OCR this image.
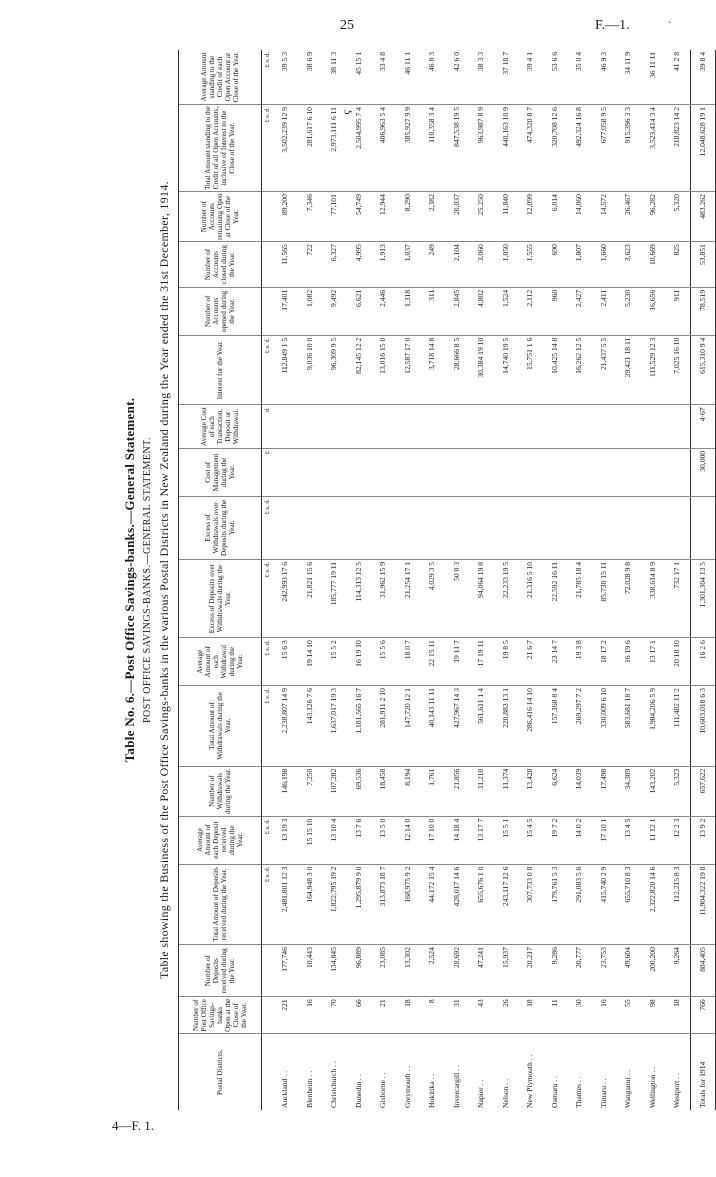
25	F.—1.	·
ç
4—F. 1.
Table No. 6.—Post Office Savings-banks.—General Statement. POST OFFICE SAVINGS-BANKS.—GENERAL STATEMENT. Table showing the Business of the Post Office Savings-banks in the various Postal Districts in New Zealand during the Year ended the 31st December, 1914.
Postal Districts.	Number of Post Office Savings-banks Open at the Close of the Year.	Number of Deposits received during the Year.	Total Amount of Deposits received during the Year.	Average Amount of each Deposit received during the Year.	Number of Withdrawals during the Year.	Total Amount of Withdrawals during the Year.	Average Amount of each Withdrawal during the Year.	Excess of Deposits over Withdrawals during the Year.	Excess of Withdrawals over Deposits during the Year.	Cost of Management during the Year.	Average Cost of each Transaction, Deposit or Withdrawal.	Interest for the Year.	Number of Accounts opened during the Year.	Number of Accounts closed during the Year.	Number of Accounts remaining Open at Close of the Year.	Total Amount standing to the Credit of all Open Accounts, inclusive of Interest to the Close of the Year.	Average Amount standing to the Credit of each Open Account at Close of the Year.
			£ s. d.	£ s. d.		£ s. d.	£ s. d.	£ s. d.	£ s. d.	£	d.	£ s. d.				£ s. d.	£ s. d.
Auckland . .	221	177,746	2,481,801 12 3	13 19 3	146,198	2,238,807 14 9	15 6 3	242,993 17 6				112,849 1 5	17,401	11,565	89,200	3,502,239 12 9	39 5 3
Blenheim . .	16	10,443	164,948 3 0	15 15 10	7,250	143,126 7 6	19 14 10	21,821 15 6				9,036 10 0	1,082	722	7,346	281,617 6 10	38 6 9
Christchurch . .	70	134,845	1,822,795 19 2	13 10 4	107,282	1,637,017 19 3	15 5 2	185,777 19 11				96,309 9 5	9,492	6,327	77,101	2,973,111 6 11	38 11 3
Dunedin . .	66	96,889	1,295,879 9 0	13 7 6	69,536	1,181,565 16 7	16 19 10	114,313 12 5				82,145 12 2	6,621	4,995	54,749	2,504,995 7 4	45 15 1
Gisborne . .	21	23,085	313,873 18 7	13 5 0	18,458	281,911 2 10	15 5 6	31,962 15 9				13,016 15 0	2,446	1,913	12,944	406,963 5 4	33 4 8
Greymouth . .	18	13,302	168,975 9 2	12 14 0	8,194	147,720 12 1	18 0 7	21,254 17 1				12,587 17 0	1,318	1,037	8,290	385,927 9 9	46 11 1
Hokitika . .	8	2,524	44,172 15 4	17 10 0	1,761	40,143 11 11	22 15 11	4,029 3 5				3,718 14 8	311	249	2,382	110,358 3 4	46 8 3
Invercargill . .	31	28,692	428,017 14 6	14 18 4	21,856	427,967 14 3	19 11 7	50 0 3				28,666 8 5	2,845	2,104	20,037	847,538 19 5	42 6 0
Napier . .	43	47,241	655,676 1 0	13 17 7	31,210	561,611 1 4	17 19 11	94,064 19 8				30,384 19 10	4,802	3,060	25,250	963,987 8 9	38 3 3
Nelson . .	26	15,937	243,117 12 6	15 5 1	11,374	220,883 13 1	19 8 5	22,233 19 5				14,740 19 5	1,524	1,050	11,840	440,163 10 9	37 18 7
New Plymouth . .	18	20,217	307,733 0 8	15 4 5	13,428	286,416 14 10	21 6 7	21,316 5 10				15,751 1 6	2,112	1,555	12,099	474,320 8 7	39 4 1
Oamaru . .	11	9,286	179,761 5 3	19 7 2	6,624	157,168 8 4	23 14 7	22,592 16 11				10,425 14 8	960	690	6,014	320,708 12 6	53 6 6
Thames . .	30	20,777	291,083 5 6	14 0 2	14,039	269,297 7 2	19 3 8	21,785 18 4				16,262 12 5	2,427	1,807	14,060	492,324 16 8	35 0 4
Timaru . .	16	23,753	415,740 2 9	17 10 1	17,498	330,009 6 10	18 17 2	85,730 15 11				21,437 5 5	2,411	1,660	14,572	677,058 9 5	46 9 3
Wanganui . .	55	49,604	655,710 8 3	13 4 5	34,389	583,681 18 7	16 19 6	72,028 9 8				29,421 18 11	5,230	3,623	26,467	915,396 3 3	34 11 9
Wellington . .	98	200,200	2,322,820 14 6	11 12 1	143,202	1,984,206 5 9	13 17 1	338,614 8 9				111,529 12 3	16,656	10,669	96,282	3,523,414 3 4	36 11 11
Westport . .	18	9,264	112,215 8 3	12 2 3	5,323	111,482 11 2	20 18 10	732 17 1				7,025 16 10	911	825	5,320	218,823 14 2	41 2 8
Totals for 1914	766	884,405	11,904,322 19 8	13 9 2	657,622	10,603,018 6 3	16 2 6	1,301,304 13 5		30,000	4·67	615,310 9 4	78,519	53,851	483,262	12,048,628 19 1	39 8 4
